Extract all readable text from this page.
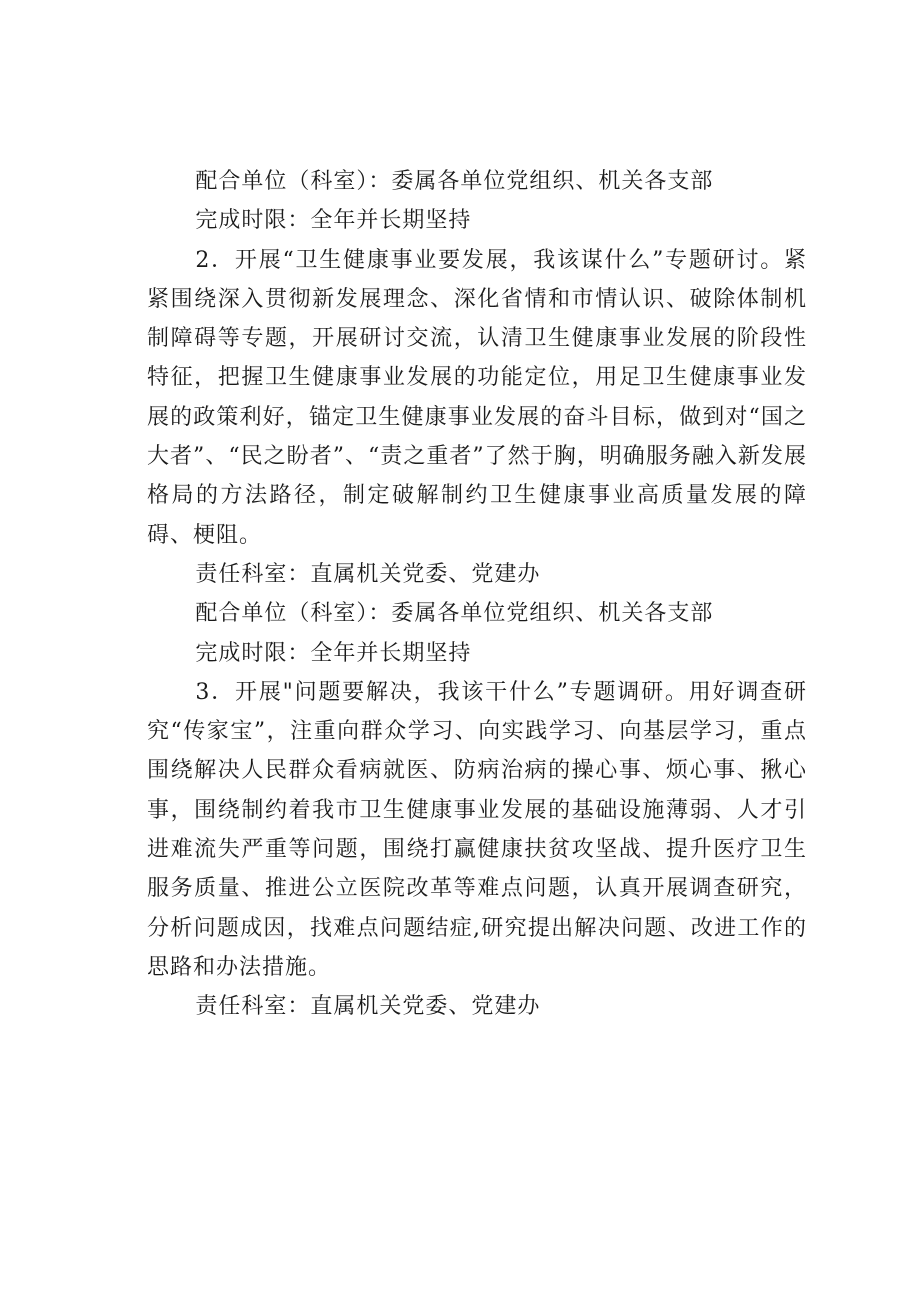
配合单位（科室）：委属各单位党组织、机关各支部

完成时限：全年并长期坚持

2．开展“卫生健康事业要发展，我该谋什么”专题研讨。紧紧围绕深入贯彻新发展理念、深化省情和市情认识、破除体制机制障碍等专题，开展研讨交流，认清卫生健康事业发展的阶段性特征，把握卫生健康事业发展的功能定位，用足卫生健康事业发展的政策利好，锚定卫生健康事业发展的奋斗目标，做到对“国之大者”、“民之盼者”、“责之重者”了然于胸，明确服务融入新发展格局的方法路径，制定破解制约卫生健康事业高质量发展的障碍、梗阻。

责任科室：直属机关党委、党建办

配合单位（科室）：委属各单位党组织、机关各支部

完成时限：全年并长期坚持

3．开展"问题要解决，我该干什么”专题调研。用好调查研究“传家宝”，注重向群众学习、向实践学习、向基层学习，重点围绕解决人民群众看病就医、防病治病的操心事、烦心事、揪心事，围绕制约着我市卫生健康事业发展的基础设施薄弱、人才引进难流失严重等问题，围绕打赢健康扶贫攻坚战、提升医疗卫生服务质量、推进公立医院改革等难点问题，认真开展调查研究，分析问题成因，找难点问题结症,研究提出解决问题、改进工作的思路和办法措施。

责任科室：直属机关党委、党建办
